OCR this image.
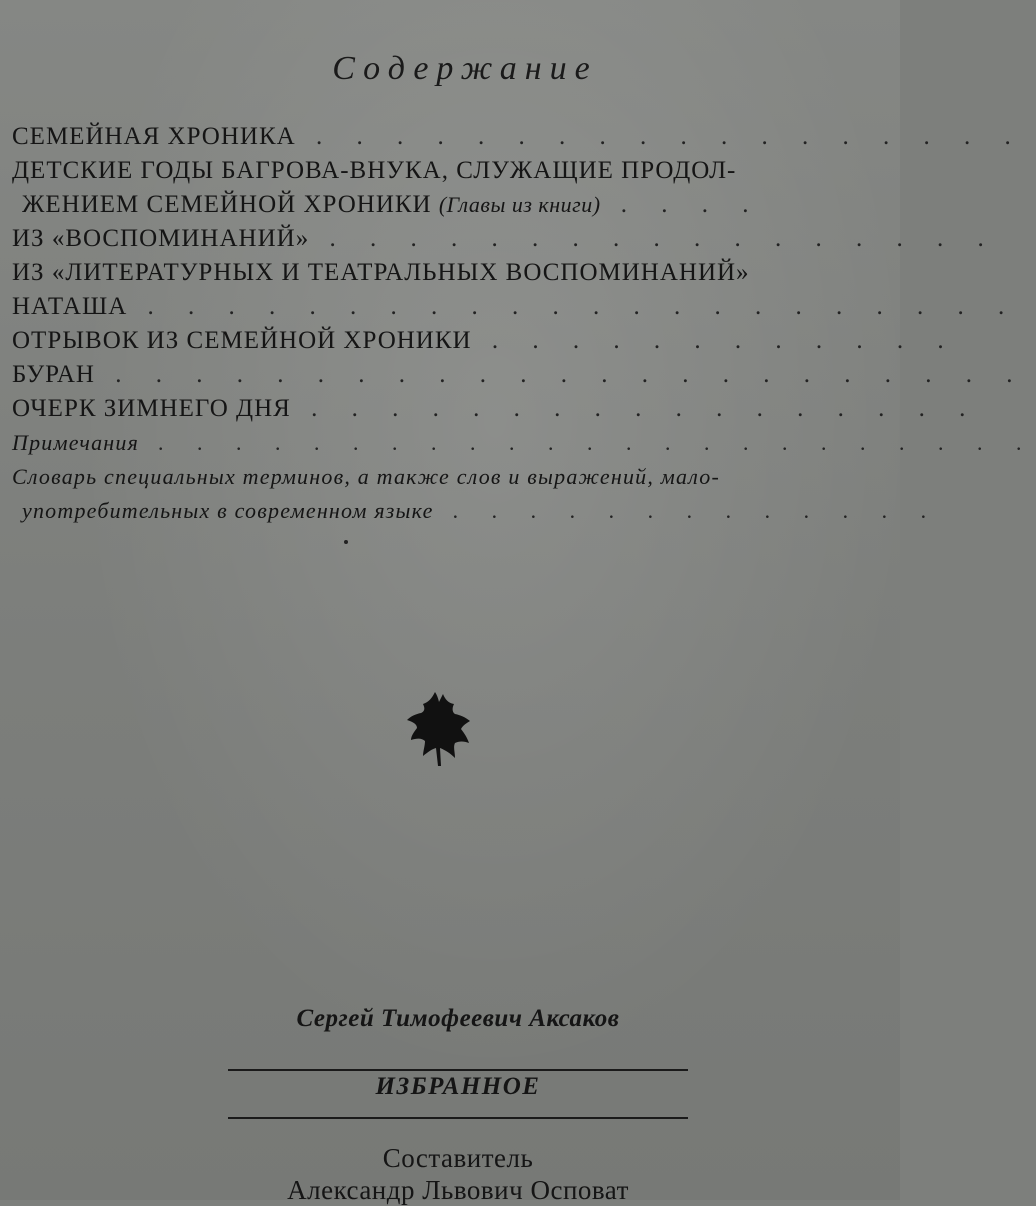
Содержание
СЕМЕЙНАЯ ХРОНИКА . . . . . . . . . . . . . . . . . .
ДЕТСКИЕ ГОДЫ БАГРОВА-ВНУКА, СЛУЖАЩИЕ ПРОДОЛ-
ЖЕНИЕМ СЕМЕЙНОЙ ХРОНИКИ (Главы из книги) . . . .
ИЗ «ВОСПОМИНАНИЙ» . . . . . . . . . . . . . . . . .
ИЗ «ЛИТЕРАТУРНЫХ И ТЕАТРАЛЬНЫХ ВОСПОМИНАНИЙ»
НАТАША . . . . . . . . . . . . . . . . . . . . . .
ОТРЫВОК ИЗ СЕМЕЙНОЙ ХРОНИКИ . . . . . . . . . . . .
БУРАН . . . . . . . . . . . . . . . . . . . . . . .
ОЧЕРК ЗИМНЕГО ДНЯ . . . . . . . . . . . . . . . . .
Примечания . . . . . . . . . . . . . . . . . . . . . . .
Словарь специальных терминов, а также слов и выражений, мало-
употребительных в современном языке . . . . . . . . . . . . .
Сергей Тимофеевич Аксаков
ИЗБРАННОЕ
Составитель
Александр Львович Осповат
